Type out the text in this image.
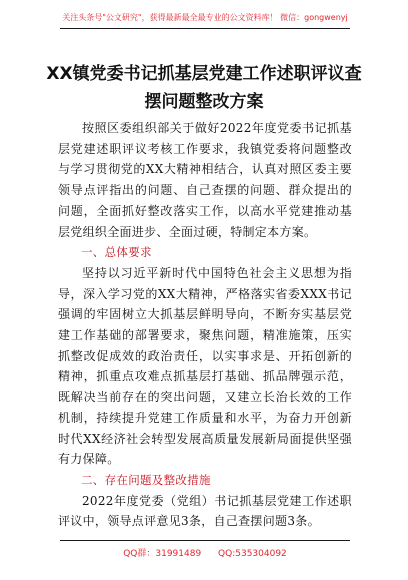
关注头条号"公文研究"，获得最新最全最专业的公文资料库！ 微信：gongwenyj
XX镇党委书记抓基层党建工作述职评议查摆问题整改方案

按照区委组织部关于做好2022年度党委书记抓基层党建述职评议考核工作要求，我镇党委将问题整改与学习贯彻党的XX大精神相结合，认真对照区委主要领导点评指出的问题、自己查摆的问题、群众提出的问题，全面抓好整改落实工作，以高水平党建推动基层党组织全面进步、全面过硬，特制定本方案。

一、总体要求

坚持以习近平新时代中国特色社会主义思想为指导，深入学习党的XX大精神，严格落实省委XXX书记强调的牢固树立大抓基层鲜明导向，不断夯实基层党建工作基础的部署要求，聚焦问题，精准施策，压实抓整改促成效的政治责任，以实事求是、开拓创新的精神，抓重点攻难点抓基层打基础、抓品牌强示范，既解决当前存在的突出问题，又建立长治长效的工作机制，持续提升党建工作质量和水平，为奋力开创新时代XX经济社会转型发展高质量发展新局面提供坚强有力保障。

二、存在问题及整改措施

2022年度党委（党组）书记抓基层党建工作述职评议中，领导点评意见3条，自己查摆问题3条。

QQ群：31991489 QQ:535304092
